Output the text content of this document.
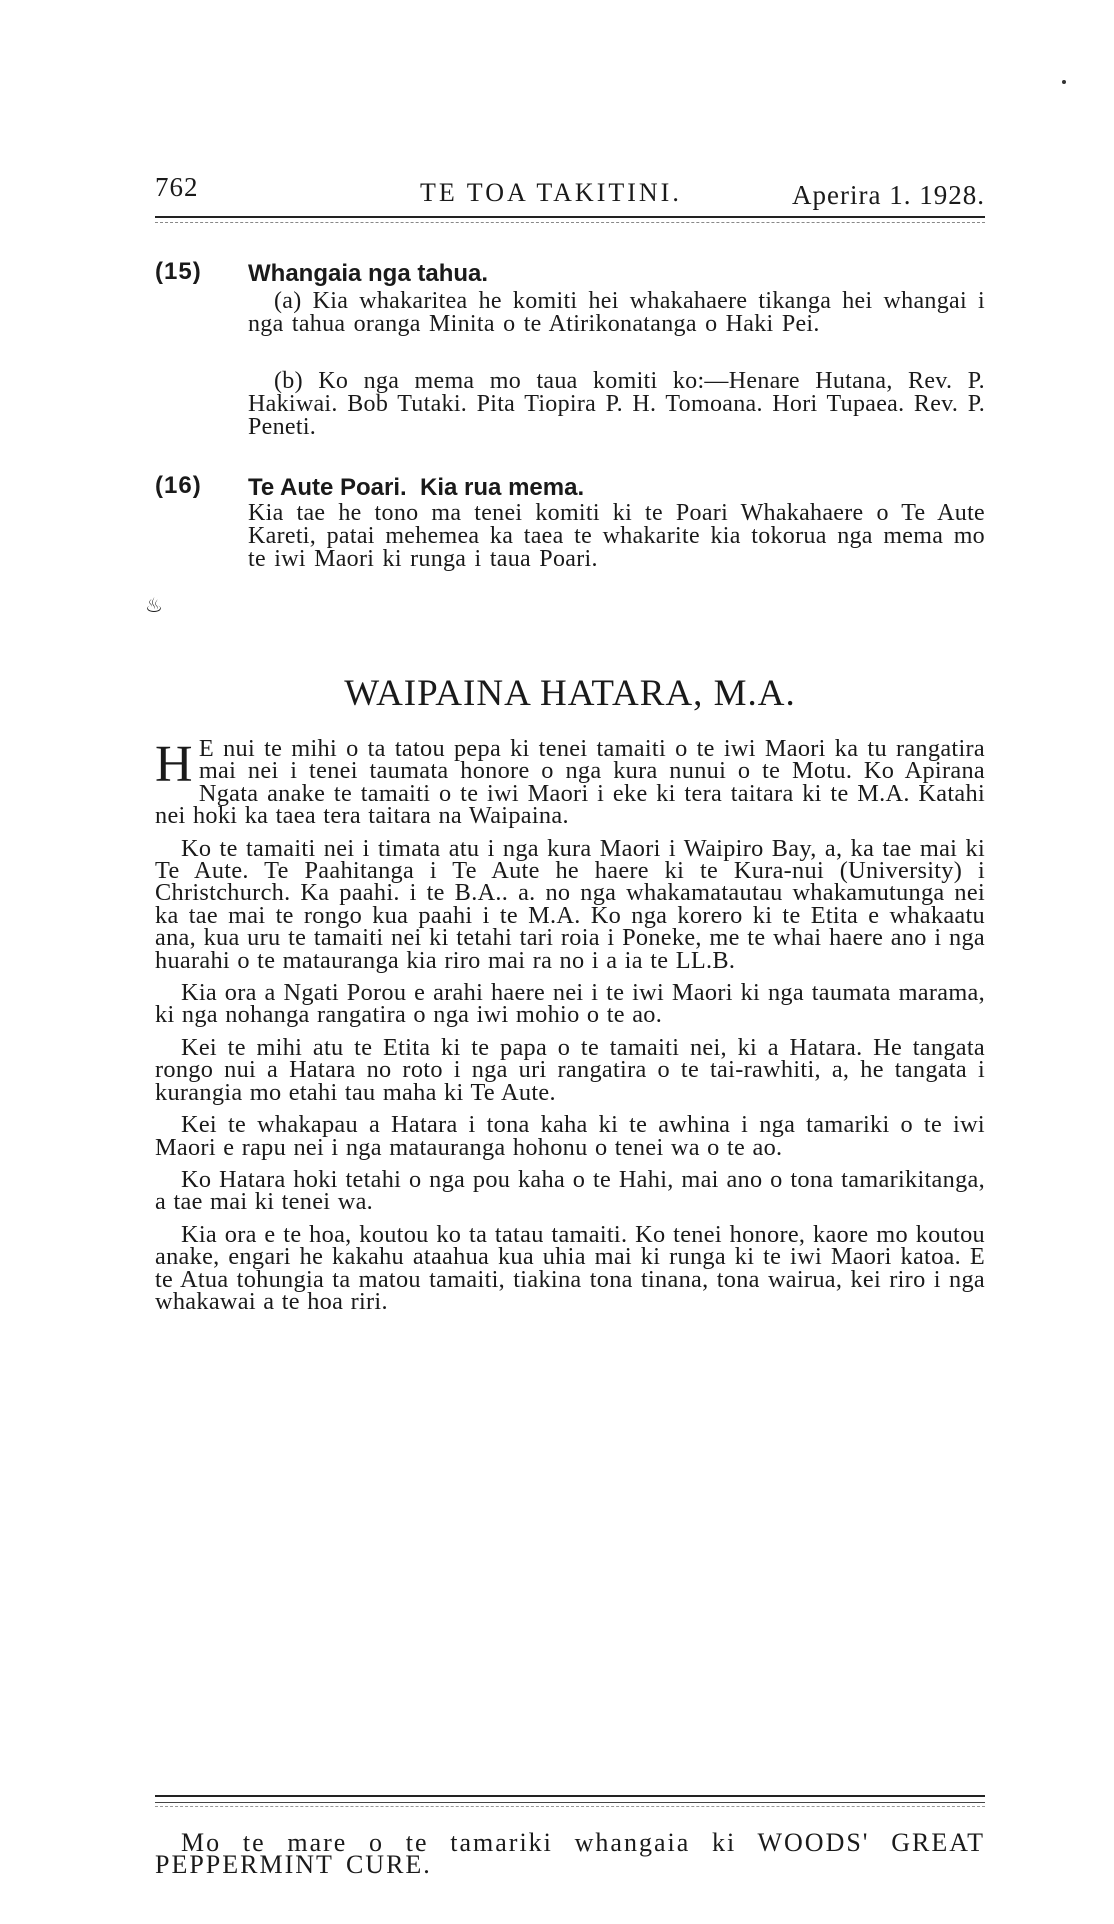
762	TE TOA TAKITINI.	Aperira 1. 1928.
(15) Whangaia nga tahua.

(a) Kia whakaritea he komiti hei whakahaere tikanga hei whangai i nga tahua oranga Minita o te Atirikonatanga o Haki Pei.

(b) Ko nga mema mo taua komiti ko:—Henare Hutana, Rev. P. Hakiwai. Bob Tutaki. Pita Tiopira P. H. Tomoana. Hori Tupaea. Rev. P. Peneti.

(16) Te Aute Poari.  Kia rua mema.

Kia tae he tono ma tenei komiti ki te Poari Whakahaere o Te Aute Kareti, patai mehemea ka taea te whakarite kia tokorua nga mema mo te iwi Maori ki runga i taua Poari.

♨
WAIPAINA HATARA, M.A.

H E nui te mihi o ta tatou pepa ki tenei tamaiti o te iwi Maori ka tu rangatira mai nei i tenei taumata honore o nga kura nunui o te Motu. Ko Apirana Ngata anake te tamaiti o te iwi Maori i eke ki tera taitara ki te M.A. Katahi nei hoki ka taea tera taitara na Waipaina.

Ko te tamaiti nei i timata atu i nga kura Maori i Waipiro Bay, a, ka tae mai ki Te Aute. Te Paahitanga i Te Aute he haere ki te Kura-nui (University) i Christchurch. Ka paahi. i te B.A.. a. no nga whakamatautau whakamutunga nei ka tae mai te rongo kua paahi i te M.A. Ko nga korero ki te Etita e whakaatu ana, kua uru te tamaiti nei ki tetahi tari roia i Poneke, me te whai haere ano i nga huarahi o te matauranga kia riro mai ra no i a ia te LL.B.

Kia ora a Ngati Porou e arahi haere nei i te iwi Maori ki nga taumata marama, ki nga nohanga rangatira o nga iwi mohio o te ao.

Kei te mihi atu te Etita ki te papa o te tamaiti nei, ki a Hatara. He tangata rongo nui a Hatara no roto i nga uri rangatira o te tai-rawhiti, a, he tangata i kurangia mo etahi tau maha ki Te Aute.

Kei te whakapau a Hatara i tona kaha ki te awhina i nga tamariki o te iwi Maori e rapu nei i nga matauranga hohonu o tenei wa o te ao.

Ko Hatara hoki tetahi o nga pou kaha o te Hahi, mai ano o tona tamarikitanga, a tae mai ki tenei wa.

Kia ora e te hoa, koutou ko ta tatau tamaiti. Ko tenei honore, kaore mo koutou anake, engari he kakahu ataahua kua uhia mai ki runga ki te iwi Maori katoa. E te Atua tohungia ta matou tamaiti, tiakina tona tinana, tona wairua, kei riro i nga whakawai a te hoa riri.

Mo te mare o te tamariki whangaia ki WOODS' GREAT PEPPERMINT CURE.
